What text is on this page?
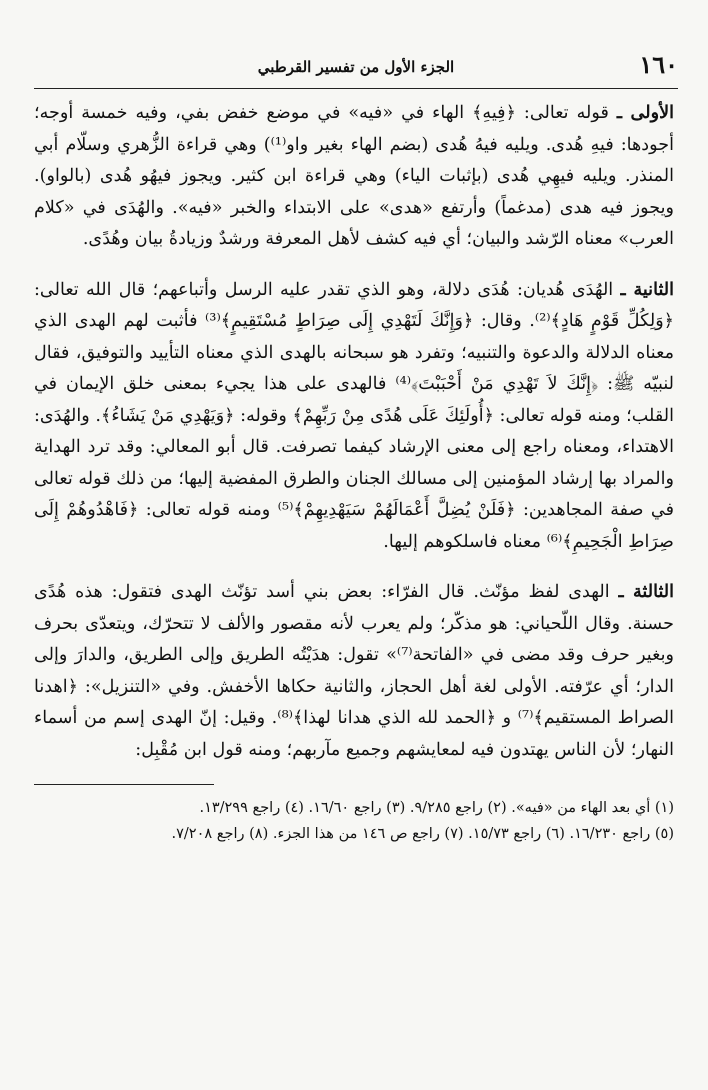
١٦٠
الجزء الأول من تفسير القرطبي

الأولى ـ قوله تعالى: ﴿فِيهِ﴾ الهاء في «فيه» في موضع خفض بفي، وفيه خمسة أوجه؛ أجودها: فيهِ هُدى. ويليه فيهُ هُدى (بضم الهاء بغير واو⁽¹⁾) وهي قراءة الزُّهري وسلّام أبي المنذر. ويليه فيهِي هُدى (بإثبات الياء) وهي قراءة ابن كثير. ويجوز فيهُو هُدى (بالواو). ويجوز فيه هدى (مدغماً) وأرتفع «هدى» على الابتداء والخبر «فيه». والهُدَى في «كلام العرب» معناه الرّشد والبيان؛ أي فيه كشف لأهل المعرفة ورشدٌ وزيادةُ بيان وهُدًى.

الثانية ـ الهُدَى هُديان: هُدَى دلالة، وهو الذي تقدر عليه الرسل وأتباعهم؛ قال الله تعالى: ﴿وَلِكُلِّ قَوْمٍ هَادٍ﴾⁽²⁾. وقال: ﴿وَإِنَّكَ لَتَهْدِي إِلَى صِرَاطٍ مُسْتَقِيمٍ﴾⁽³⁾ فأثبت لهم الهدى الذي معناه الدلالة والدعوة والتنبيه؛ وتفرد هو سبحانه بالهدى الذي معناه التأييد والتوفيق، فقال لنبيّه ﷺ: ﴿إِنَّكَ لاَ تَهْدِي مَنْ أَحْبَبْتَ﴾⁽⁴⁾ فالهدى على هذا يجيء بمعنى خلق الإيمان في القلب؛ ومنه قوله تعالى: ﴿أُولَئِكَ عَلَى هُدًى مِنْ رَبِّهِمْ﴾ وقوله: ﴿وَيَهْدِي مَنْ يَشَاءُ﴾. والهُدَى: الاهتداء، ومعناه راجع إلى معنى الإرشاد كيفما تصرفت. قال أبو المعالي: وقد ترد الهداية والمراد بها إرشاد المؤمنين إلى مسالك الجنان والطرق المفضية إليها؛ من ذلك قوله تعالى في صفة المجاهدين: ﴿فَلَنْ يُضِلَّ أَعْمَالَهُمْ سَيَهْدِيهِمْ﴾⁽⁵⁾ ومنه قوله تعالى: ﴿فَاهْدُوهُمْ إِلَى صِرَاطِ الْجَحِيمِ﴾⁽⁶⁾ معناه فاسلكوهم إليها.

الثالثة ـ الهدى لفظ مؤنّث. قال الفرّاء: بعض بني أسد تؤنّث الهدى فتقول: هذه هُدًى حسنة. وقال اللّحياني: هو مذكّر؛ ولم يعرب لأنه مقصور والألف لا تتحرّك، ويتعدّى بحرف وبغير حرف وقد مضى في «الفاتحة⁽⁷⁾» تقول: هدَيْتُه الطريق وإلى الطريق، والدارَ وإلى الدار؛ أي عرّفته. الأولى لغة أهل الحجاز، والثانية حكاها الأخفش. وفي «التنزيل»: ﴿اهدنا الصراط المستقيم﴾⁽⁷⁾ و ﴿الحمد لله الذي هدانا لهذا﴾⁽⁸⁾. وقيل: إنّ الهدى إسم من أسماء النهار؛ لأن الناس يهتدون فيه لمعايشهم وجميع مآربهم؛ ومنه قول ابن مُقْبِل:

(١) أي بعد الهاء من «فيه». (٢) راجع ٩/٢٨٥. (٣) راجع ١٦/٦٠. (٤) راجع ١٣/٢٩٩.

(٥) راجع ١٦/٢٣٠. (٦) راجع ١٥/٧٣. (٧) راجع ص ١٤٦ من هذا الجزء. (٨) راجع ٧/٢٠٨.
